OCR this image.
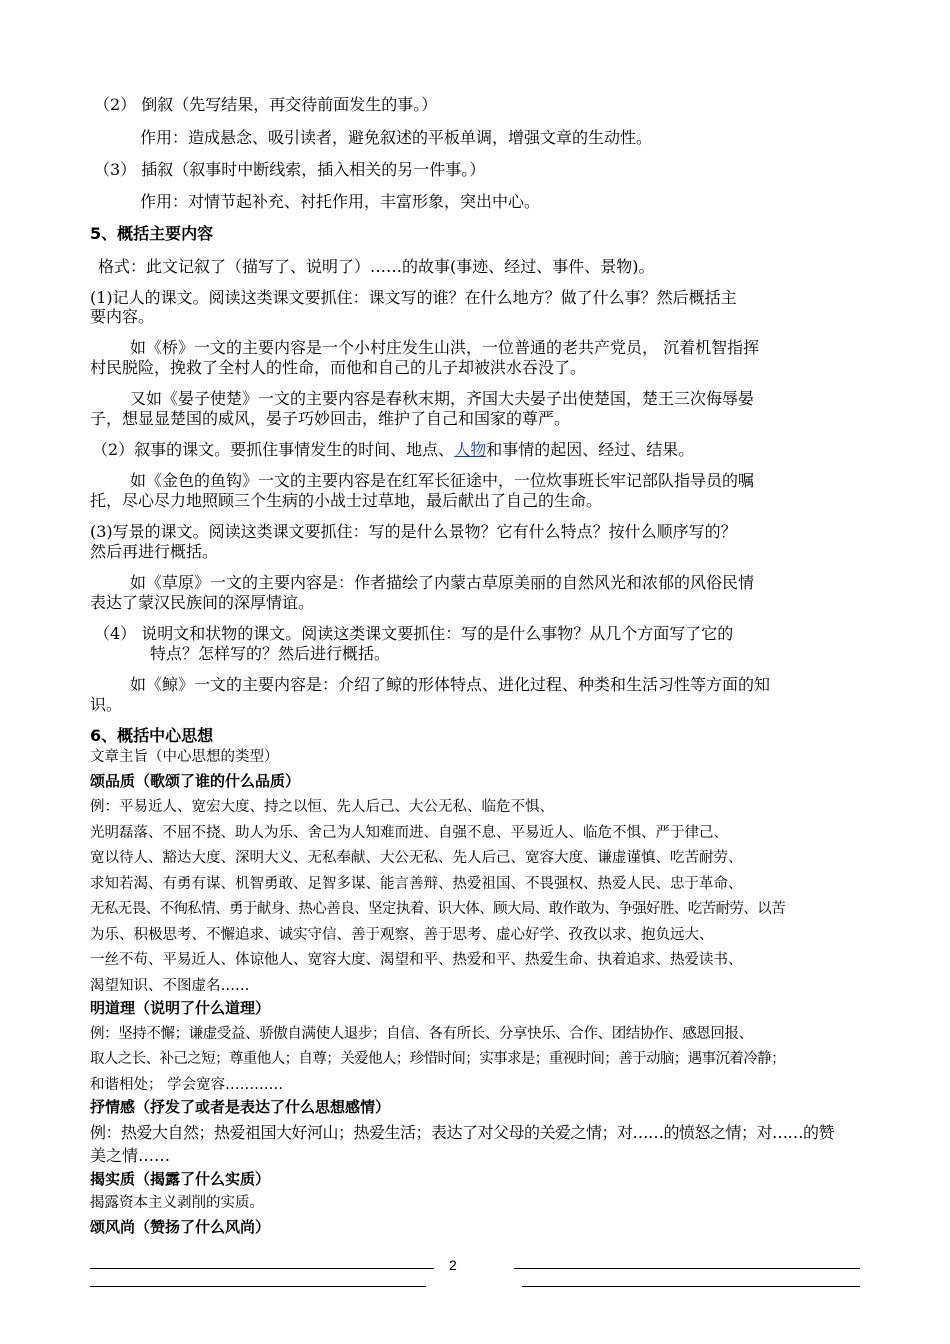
（2） 倒叙（先写结果，再交待前面发生的事。）
作用：造成悬念、吸引读者，避免叙述的平板单调，增强文章的生动性。
（3） 插叙（叙事时中断线索，插入相关的另一件事。）
作用：对情节起补充、衬托作用，丰富形象，突出中心。
5、概括主要内容
格式：此文记叙了（描写了、说明了）……的故事(事迹、经过、事件、景物)。
(1)记人的课文。阅读这类课文要抓住：课文写的谁？在什么地方？做了什么事？然后概括主
要内容。
如《桥》一文的主要内容是一个小村庄发生山洪，一位普通的老共产党员， 沉着机智指挥
村民脱险，挽救了全村人的性命，而他和自己的儿子却被洪水吞没了。
又如《晏子使楚》一文的主要内容是春秋末期，齐国大夫晏子出使楚国，楚王三次侮辱晏
子，想显显楚国的威风，晏子巧妙回击，维护了自己和国家的尊严。
（2）叙事的课文。要抓住事情发生的时间、地点、人物和事情的起因、经过、结果。
如《金色的鱼钩》一文的主要内容是在红军长征途中，一位炊事班长牢记部队指导员的嘱
托，尽心尽力地照顾三个生病的小战士过草地，最后献出了自己的生命。
(3)写景的课文。阅读这类课文要抓住：写的是什么景物？它有什么特点？按什么顺序写的？
然后再进行概括。
如《草原》一文的主要内容是：作者描绘了内蒙古草原美丽的自然风光和浓郁的风俗民情
表达了蒙汉民族间的深厚情谊。
（4） 说明文和状物的课文。阅读这类课文要抓住：写的是什么事物？从几个方面写了它的
特点？怎样写的？然后进行概括。
如《鲸》一文的主要内容是：介绍了鲸的形体特点、进化过程、种类和生活习性等方面的知
识。
6、概括中心思想
文章主旨（中心思想的类型）
颂品质（歌颂了谁的什么品质）
例：平易近人、宽宏大度、持之以恒、先人后己、大公无私、临危不惧、
光明磊落、不屈不挠、助人为乐、舍己为人知难而进、自强不息、平易近人、临危不惧、严于律己、
宽以待人、豁达大度、深明大义、无私奉献、大公无私、先人后己、宽容大度、谦虚谨慎、吃苦耐劳、
求知若渴、有勇有谋、机智勇敢、足智多谋、能言善辩、热爱祖国、不畏强权、热爱人民、忠于革命、
无私无畏、不徇私情、勇于献身、热心善良、坚定执着、识大体、顾大局、敢作敢为、争强好胜、吃苦耐劳、以苦
为乐、积极思考、不懈追求、诚实守信、善于观察、善于思考、虚心好学、孜孜以求、抱负远大、
一丝不苟、平易近人、体谅他人、宽容大度、渴望和平、热爱和平、热爱生命、执着追求、热爱读书、
渴望知识、不图虚名……
明道理（说明了什么道理）
例：坚持不懈；谦虚受益、骄傲自满使人退步；自信、各有所长、分享快乐、合作、团结协作、感恩回报、
取人之长、补己之短；尊重他人；自尊；关爱他人；珍惜时间；实事求是；重视时间；善于动脑；遇事沉着冷静；
和谐相处； 学会宽容…………
抒情感（抒发了或者是表达了什么思想感情）
例：热爱大自然；热爱祖国大好河山；热爱生活；表达了对父母的关爱之情；对……的愤怒之情；对……的赞
美之情……
揭实质（揭露了什么实质）
揭露资本主义剥削的实质。
颂风尚（赞扬了什么风尚）
2
